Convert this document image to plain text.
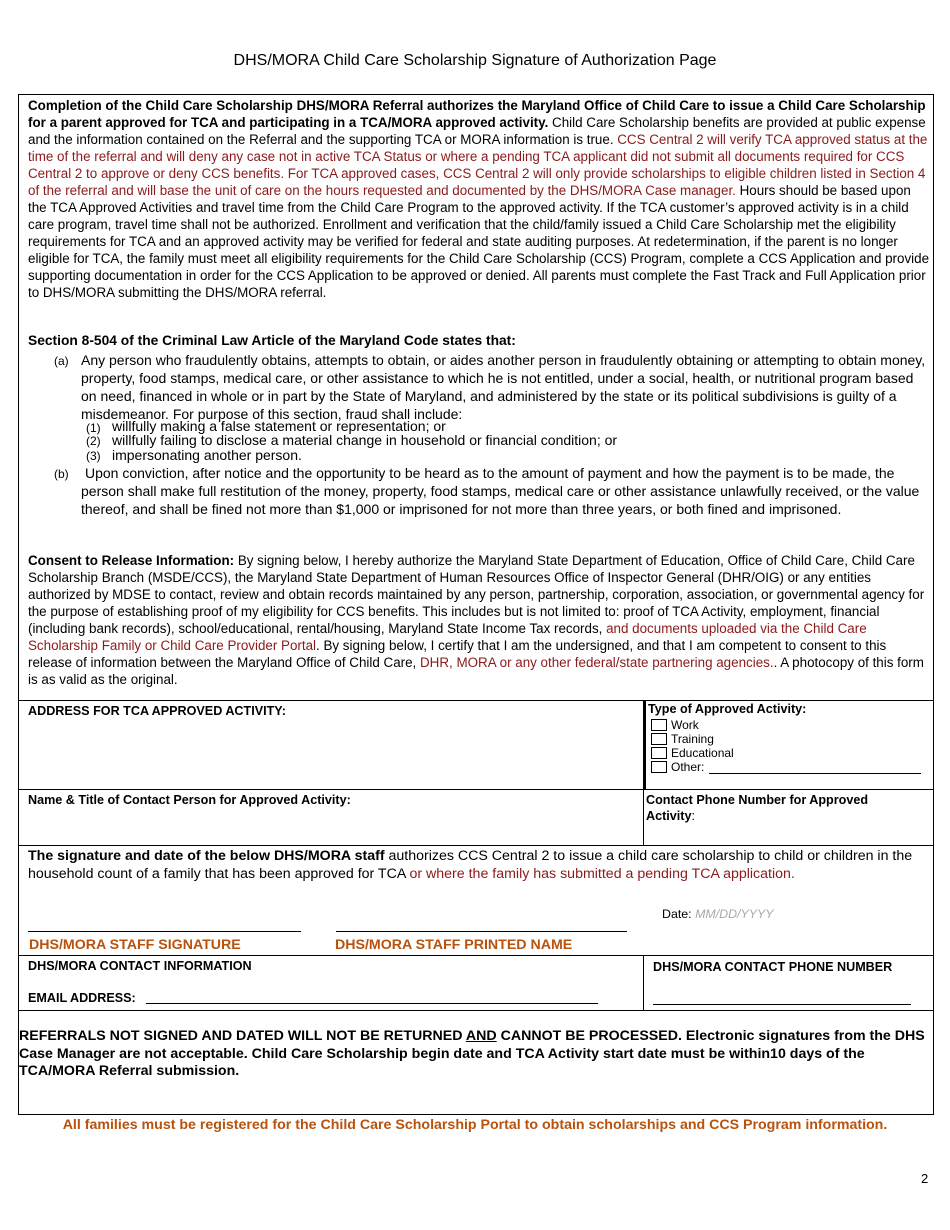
DHS/MORA Child Care Scholarship Signature of Authorization Page
Completion of the Child Care Scholarship DHS/MORA Referral authorizes the Maryland Office of Child Care to issue a Child Care Scholarship for a parent approved for TCA and participating in a TCA/MORA approved activity. Child Care Scholarship benefits are provided at public expense and the information contained on the Referral and the supporting TCA or MORA information is true. CCS Central 2 will verify TCA approved status at the time of the referral and will deny any case not in active TCA Status or where a pending TCA applicant did not submit all documents required for CCS Central 2 to approve or deny CCS benefits. For TCA approved cases, CCS Central 2 will only provide scholarships to eligible children listed in Section 4 of the referral and will base the unit of care on the hours requested and documented by the DHS/MORA Case manager. Hours should be based upon the TCA Approved Activities and travel time from the Child Care Program to the approved activity. If the TCA customer’s approved activity is in a child care program, travel time shall not be authorized. Enrollment and verification that the child/family issued a Child Care Scholarship met the eligibility requirements for TCA and an approved activity may be verified for federal and state auditing purposes. At redetermination, if the parent is no longer eligible for TCA, the family must meet all eligibility requirements for the Child Care Scholarship (CCS) Program, complete a CCS Application and provide supporting documentation in order for the CCS Application to be approved or denied. All parents must complete the Fast Track and Full Application prior to DHS/MORA submitting the DHS/MORA referral.
Section 8-504 of the Criminal Law Article of the Maryland Code states that:
(a) Any person who fraudulently obtains, attempts to obtain, or aides another person in fraudulently obtaining or attempting to obtain money, property, food stamps, medical care, or other assistance to which he is not entitled, under a social, health, or nutritional program based on need, financed in whole or in part by the State of Maryland, and administered by the state or its political subdivisions is guilty of a misdemeanor. For purpose of this section, fraud shall include:
(1) willfully making a false statement or representation; or
(2) willfully failing to disclose a material change in household or financial condition; or
(3) impersonating another person.
(b) Upon conviction, after notice and the opportunity to be heard as to the amount of payment and how the payment is to be made, the person shall make full restitution of the money, property, food stamps, medical care or other assistance unlawfully received, or the value thereof, and shall be fined not more than $1,000 or imprisoned for not more than three years, or both fined and imprisoned.
Consent to Release Information: By signing below, I hereby authorize the Maryland State Department of Education, Office of Child Care, Child Care Scholarship Branch (MSDE/CCS), the Maryland State Department of Human Resources Office of Inspector General (DHR/OIG) or any entities authorized by MDSE to contact, review and obtain records maintained by any person, partnership, corporation, association, or governmental agency for the purpose of establishing proof of my eligibility for CCS benefits. This includes but is not limited to: proof of TCA Activity, employment, financial (including bank records), school/educational, rental/housing, Maryland State Income Tax records, and documents uploaded via the Child Care Scholarship Family or Child Care Provider Portal. By signing below, I certify that I am the undersigned, and that I am competent to consent to this release of information between the Maryland Office of Child Care, DHR, MORA or any other federal/state partnering agencies.. A photocopy of this form is as valid as the original.
ADDRESS FOR TCA APPROVED ACTIVITY:	Type of Approved Activity:
Work
Training
Educational
Other:
Name & Title of Contact Person for Approved Activity:	Contact Phone Number for Approved
Activity:
The signature and date of the below DHS/MORA staff authorizes CCS Central 2 to issue a child care scholarship to child or children in the household count of a family that has been approved for TCA or where the family has submitted a pending TCA application.
Date: MM/DD/YYYY
DHS/MORA STAFF SIGNATURE	DHS/MORA STAFF PRINTED NAME
DHS/MORA CONTACT INFORMATION
EMAIL ADDRESS:
DHS/MORA CONTACT PHONE NUMBER
REFERRALS NOT SIGNED AND DATED WILL NOT BE RETURNED AND CANNOT BE PROCESSED. Electronic signatures from the DHS Case Manager are not acceptable. Child Care Scholarship begin date and TCA Activity start date must be within10 days of the TCA/MORA Referral submission.
All families must be registered for the Child Care Scholarship Portal to obtain scholarships and CCS Program information.
2
